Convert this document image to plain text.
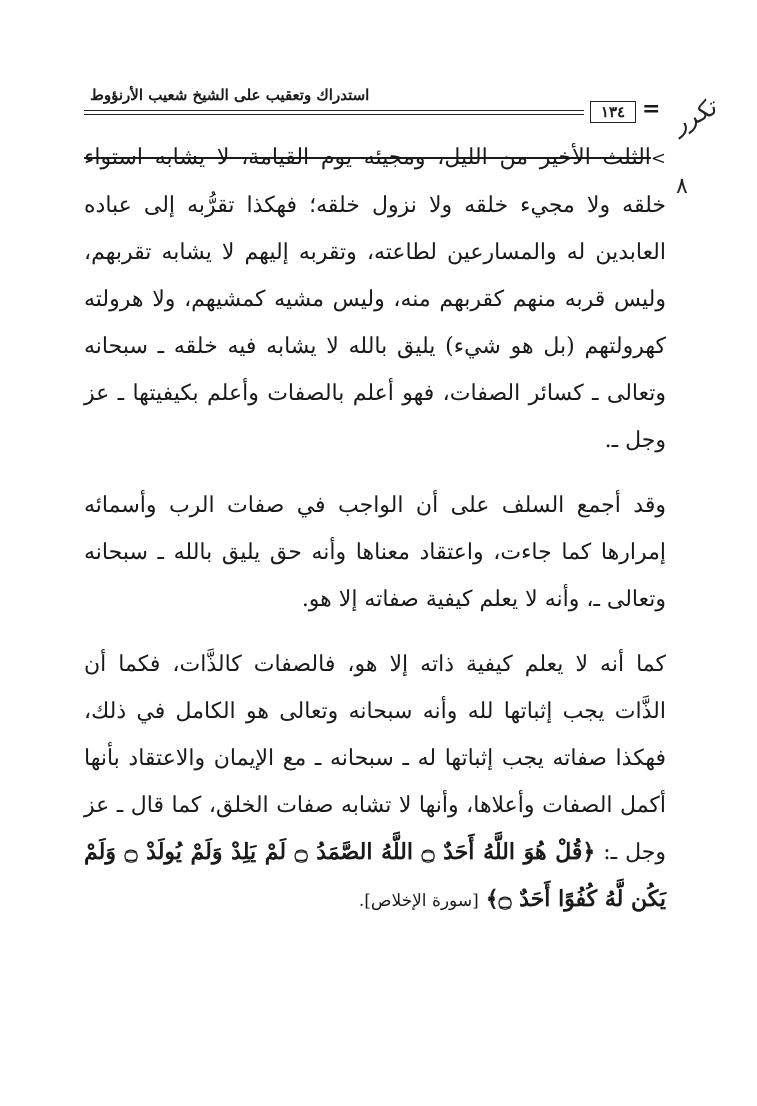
استدراك وتعقيب على الشيخ شعيب الأرنؤوط
١٣٤ = تكرر
٨

>الثلث الأخير من الليل، ومجيئه يوم القيامة، لا يشابه استواء خلقه ولا مجيء خلقه ولا نزول خلقه؛ فهكذا تقرُّبه إلى عباده العابدين له والمسارعين لطاعته، وتقربه إليهم لا يشابه تقربهم، وليس قربه منهم كقربهم منه، وليس مشيه كمشيهم، ولا هرولته كهرولتهم (بل هو شيء) يليق بالله لا يشابه فيه خلقه ـ سبحانه وتعالى ـ كسائر الصفات، فهو أعلم بالصفات وأعلم بكيفيتها ـ عز وجل ـ.

وقد أجمع السلف على أن الواجب في صفات الرب وأسمائه إمرارها كما جاءت، واعتقاد معناها وأنه حق يليق بالله ـ سبحانه وتعالى ـ، وأنه لا يعلم كيفية صفاته إلا هو.

كما أنه لا يعلم كيفية ذاته إلا هو، فالصفات كالذَّات، فكما أن الذَّات يجب إثباتها لله وأنه سبحانه وتعالى هو الكامل في ذلك، فهكذا صفاته يجب إثباتها له ـ سبحانه ـ مع الإيمان والاعتقاد بأنها أكمل الصفات وأعلاها، وأنها لا تشابه صفات الخلق، كما قال ـ عز وجل ـ: ﴿قُلْ هُوَ اللَّهُ أَحَدٌ ۝ اللَّهُ الصَّمَدُ ۝ لَمْ يَلِدْ وَلَمْ يُولَدْ ۝ وَلَمْ يَكُن لَّهُ كُفُوًا أَحَدٌ ۝﴾ [سورة الإخلاص].
